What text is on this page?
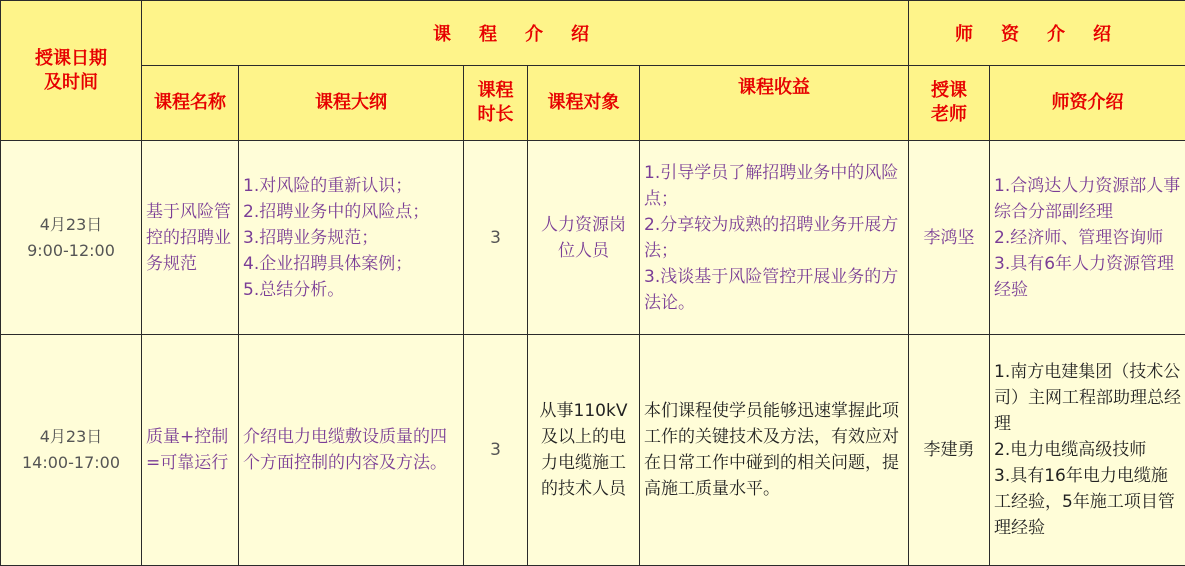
授课日期
及时间	课程介绍					师资介绍	
	课程名称	课程大纲	课程
时长	课程对象	课程收益	授课
老师	师资介绍

4月23日
9:00-12:00	基于风险管控的招聘业务规范	1.对风险的重新认识；
2.招聘业务中的风险点；
3.招聘业务规范；
4.企业招聘具体案例；
5.总结分析。	3	人力资源岗位人员	1.引导学员了解招聘业务中的风险点；
2.分享较为成熟的招聘业务开展方法；
3.浅谈基于风险管控开展业务的方法论。	李鸿坚	1.合鸿达人力资源部人事综合分部副经理
2.经济师、管理咨询师
3.具有6年人力资源管理经验

4月23日
14:00-17:00	质量+控制=可靠运行	介绍电力电缆敷设质量的四个方面控制的内容及方法。	3	从事110kV及以上的电力电缆施工的技术人员	本们课程使学员能够迅速掌握此项工作的关键技术及方法，有效应对在日常工作中碰到的相关问题，提高施工质量水平。	李建勇	1.南方电建集团（技术公司）主网工程部助理总经理
2.电力电缆高级技师
3.具有16年电力电缆施工经验，5年施工项目管理经验
